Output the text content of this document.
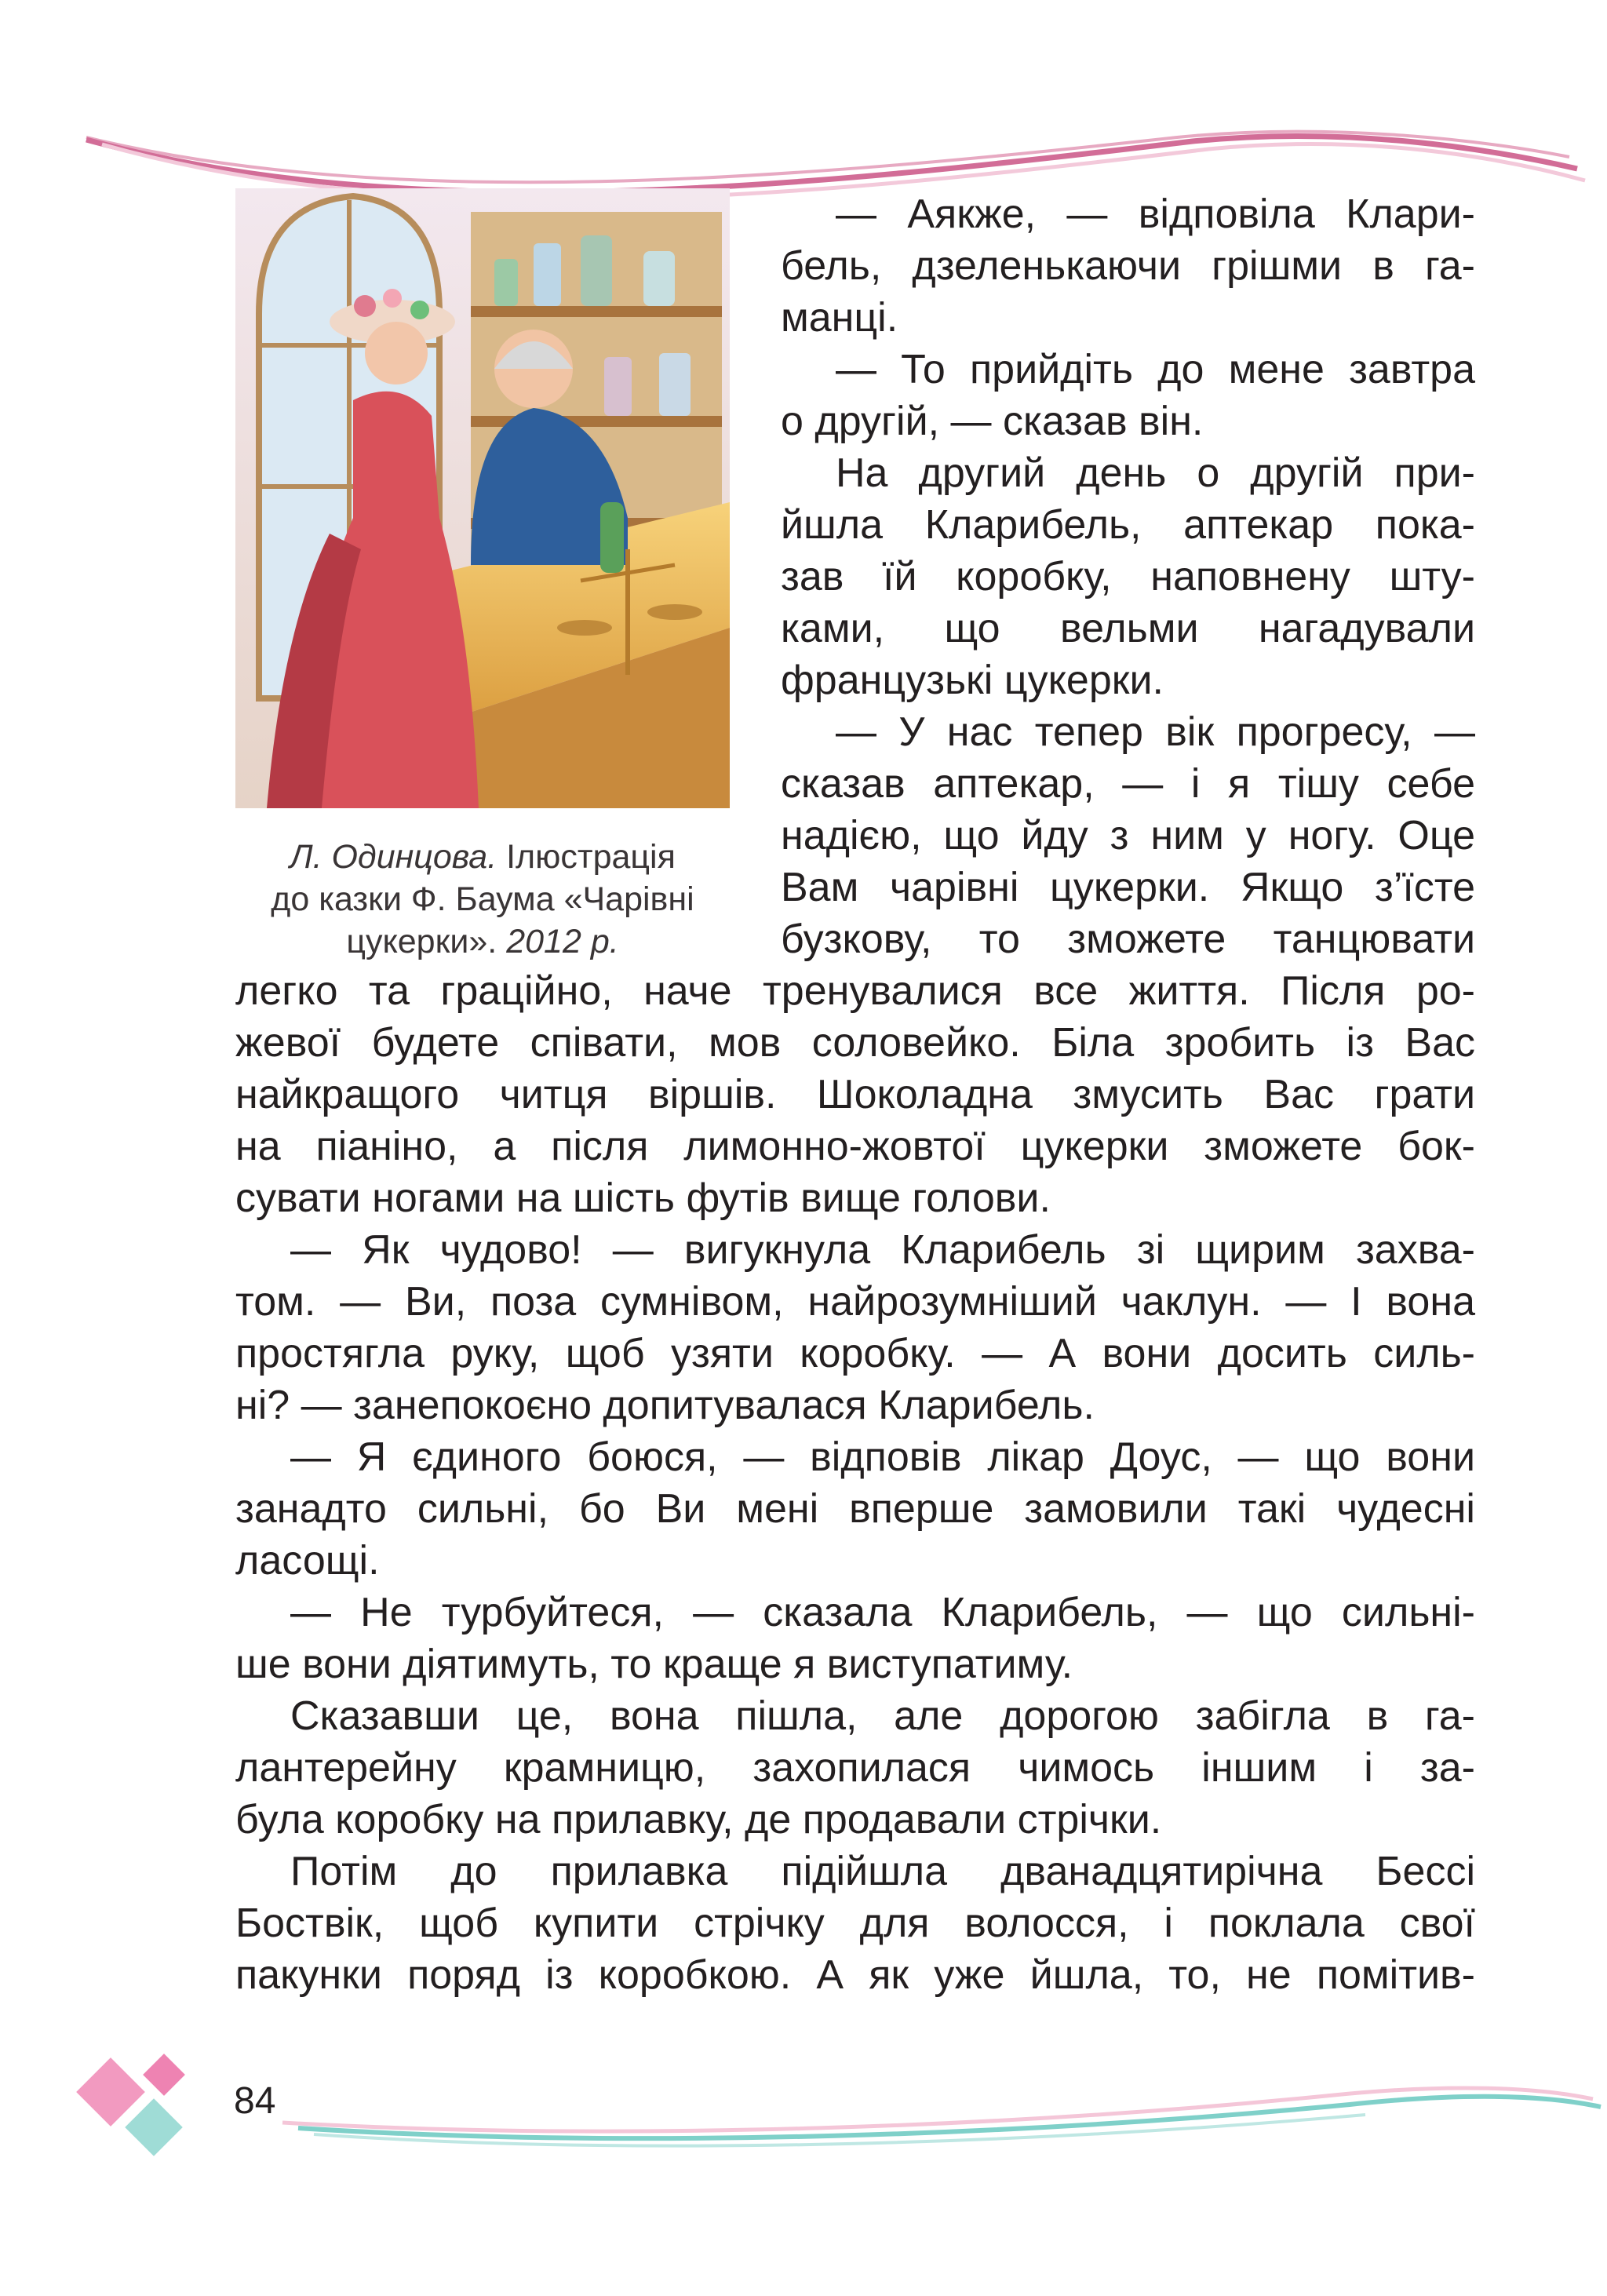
Л. Одинцова. Ілюстрація
до казки Ф. Баума «Чарівні
цукерки». 2012 р.
— Аякже, — відповіла Клари-
бель, дзеленькаючи грішми в га-
манці.
— То прийдіть до мене завтра
о другій, — сказав він.
На другий день о другій при-
йшла Кларибель, аптекар пока-
зав їй коробку, наповнену шту-
ками, що вельми нагадували
французькі цукерки.
— У нас тепер вік прогресу, —
сказав аптекар, — і я тішу себе
надією, що йду з ним у ногу. Оце
Вам чарівні цукерки. Якщо з’їсте
бузкову, то зможете танцювати
легко та граційно, наче тренувалися все життя. Після ро-
жевої будете співати, мов соловейко. Біла зробить із Вас
найкращого читця віршів. Шоколадна змусить Вас грати
на піаніно, а після лимонно-жовтої цукерки зможете бок-
сувати ногами на шість футів вище голови.
— Як чудово! — вигукнула Кларибель зі щирим захва-
том. — Ви, поза сумнівом, найрозумніший чаклун. — І вона
простягла руку, щоб узяти коробку. — А вони досить силь-
ні? — занепокоєно допитувалася Кларибель.
— Я єдиного боюся, — відповів лікар Доус, — що вони
занадто сильні, бо Ви мені вперше замовили такі чудесні
ласощі.
— Не турбуйтеся, — сказала Кларибель, — що сильні-
ше вони діятимуть, то краще я виступатиму.
Сказавши це, вона пішла, але дорогою забігла в га-
лантерейну крамницю, захопилася чимось іншим і за-
була коробку на прилавку, де продавали стрічки.
Потім до прилавка підійшла дванадцятирічна Бессі
Боствік, щоб купити стрічку для волосся, і поклала свої
пакунки поряд із коробкою. А як уже йшла, то, не помітив-
84
